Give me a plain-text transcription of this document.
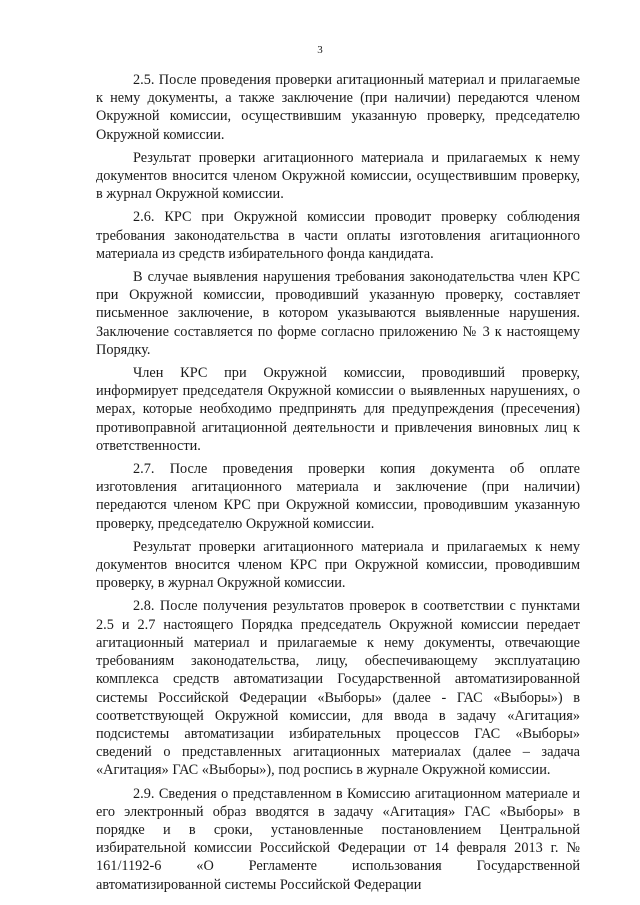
3

2.5. После проведения проверки агитационный материал и прилагаемые к нему документы, а также заключение (при наличии) передаются членом Окружной комиссии, осуществившим указанную проверку, председателю Окружной комиссии.

Результат проверки агитационного материала и прилагаемых к нему документов вносится членом Окружной комиссии, осуществившим проверку, в журнал Окружной комиссии.

2.6. КРС при Окружной комиссии проводит проверку соблюдения требования законодательства в части оплаты изготовления агитационного материала из средств избирательного фонда кандидата.

В случае выявления нарушения требования законодательства член КРС при Окружной комиссии, проводивший указанную проверку, составляет письменное заключение, в котором указываются выявленные нарушения. Заключение составляется по форме согласно приложению № 3 к настоящему Порядку.

Член КРС при Окружной комиссии, проводивший проверку, информирует председателя Окружной комиссии о выявленных нарушениях, о мерах, которые необходимо предпринять для предупреждения (пресечения) противоправной агитационной деятельности и привлечения виновных лиц к ответственности.

2.7. После проведения проверки копия документа об оплате изготовления агитационного материала и заключение (при наличии) передаются членом КРС при Окружной комиссии, проводившим указанную проверку, председателю Окружной комиссии.

Результат проверки агитационного материала и прилагаемых к нему документов вносится членом КРС при Окружной комиссии, проводившим проверку, в журнал Окружной комиссии.

2.8. После получения результатов проверок в соответствии с пунктами 2.5 и 2.7 настоящего Порядка председатель Окружной комиссии передает агитационный материал и прилагаемые к нему документы, отвечающие требованиям законодательства, лицу, обеспечивающему эксплуатацию комплекса средств автоматизации Государственной автоматизированной системы Российской Федерации «Выборы» (далее - ГАС «Выборы») в соответствующей Окружной комиссии, для ввода в задачу «Агитация» подсистемы автоматизации избирательных процессов ГАС «Выборы» сведений о представленных агитационных материалах (далее – задача «Агитация» ГАС «Выборы»), под роспись в журнале Окружной комиссии.

2.9. Сведения о представленном в Комиссию агитационном материале и его электронный образ вводятся в задачу «Агитация» ГАС «Выборы» в порядке и в сроки, установленные постановлением Центральной избирательной комиссии Российской Федерации от 14 февраля 2013 г. № 161/1192-6 «О Регламенте использования Государственной автоматизированной системы Российской Федерации
